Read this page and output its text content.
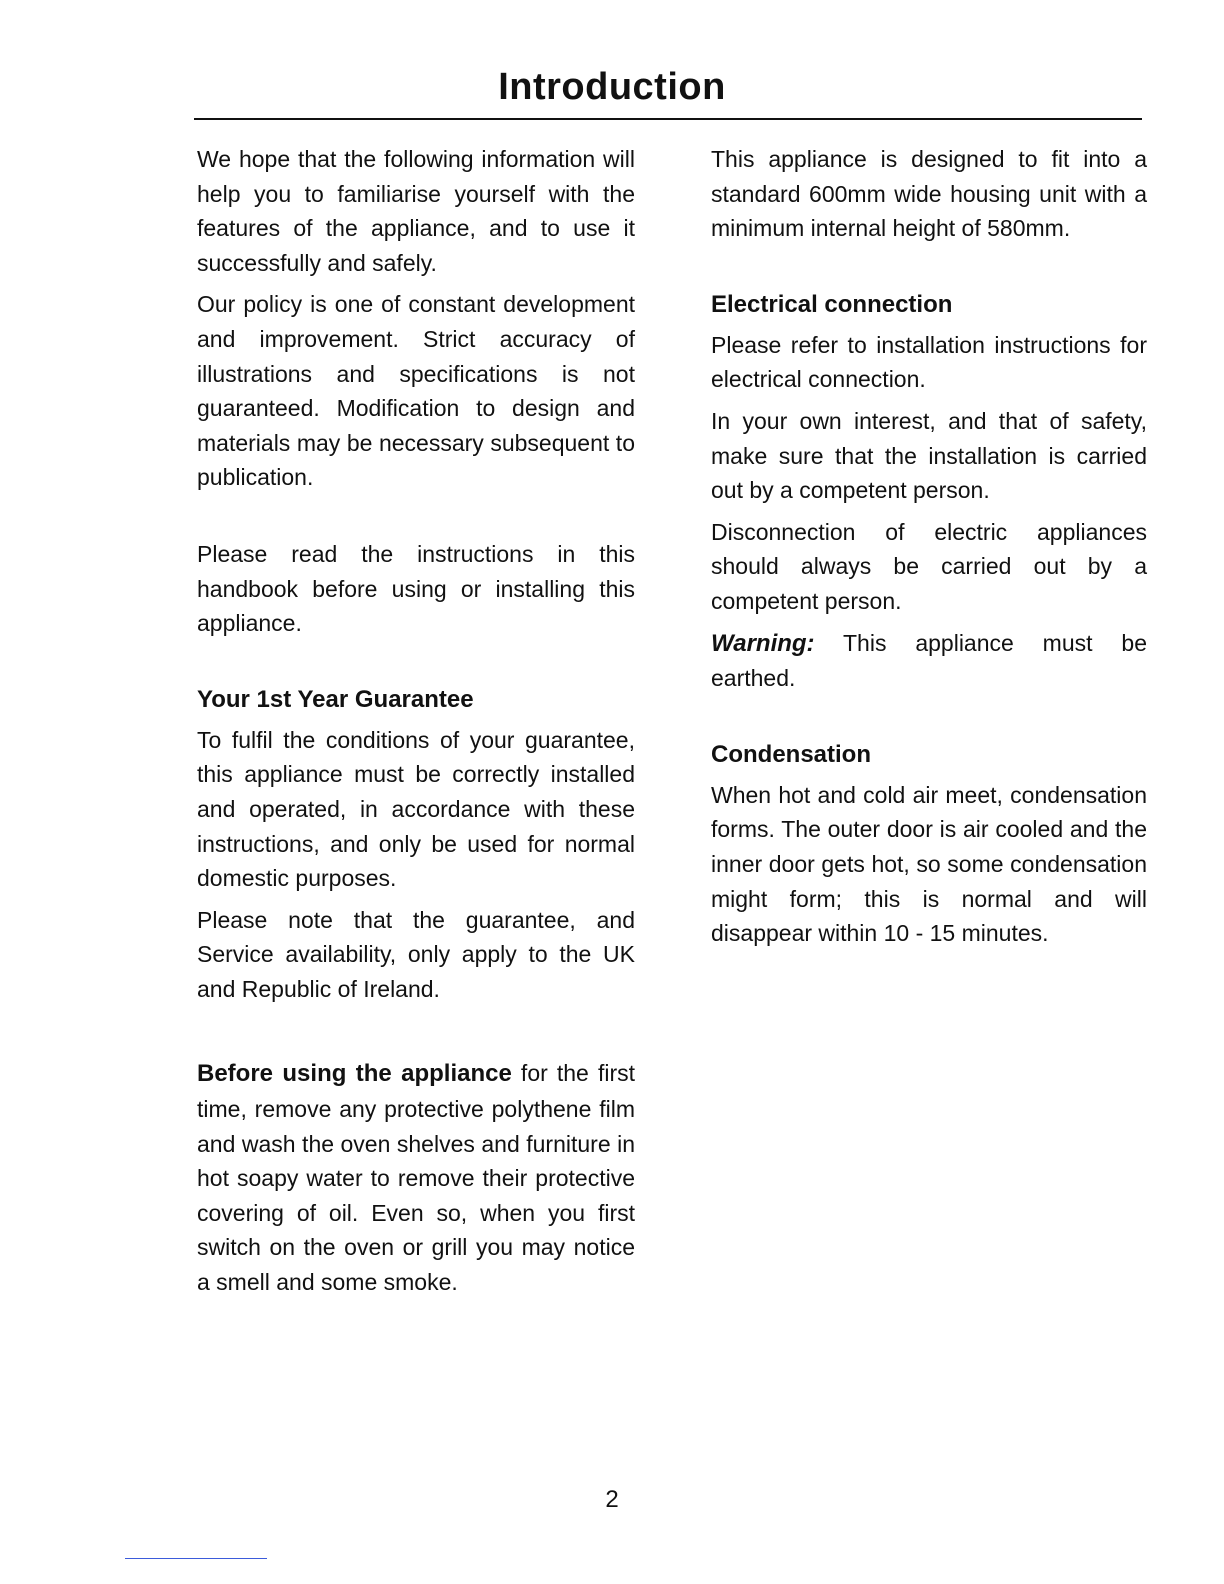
Introduction

We hope that the following information will help you to familiarise yourself with the features of the appliance, and to use it successfully and safely.

Our policy is one of constant development and improvement. Strict accuracy of illustrations and specifications is not guaranteed. Modification to design and materials may be necessary subsequent to publication.

Please read the instructions in this handbook before using or installing this appliance.

Your 1st Year Guarantee

To fulfil the conditions of your guarantee, this appliance must be correctly installed and operated, in accordance with these instructions, and only be used for normal domestic purposes.

Please note that the guarantee, and Service availability, only apply to the UK and Republic of Ireland.

Before using the appliance for the first time, remove any protective polythene film and wash the oven shelves and furniture in hot soapy water to remove their protective covering of oil. Even so, when you first switch on the oven or grill you may notice a smell and some smoke.

This appliance is designed to fit into a standard 600mm wide housing unit with a minimum internal height of 580mm.

Electrical connection

Please refer to installation instructions for electrical connection.

In your own interest, and that of safety, make sure that the installation is carried out by a competent person.

Disconnection of electric appliances should always be carried out by a competent person.

Warning: This appliance must be earthed.

Condensation

When hot and cold air meet, condensation forms. The outer door is air cooled and the inner door gets hot, so some condensation might form; this is normal and will disappear within 10 - 15 minutes.

2
